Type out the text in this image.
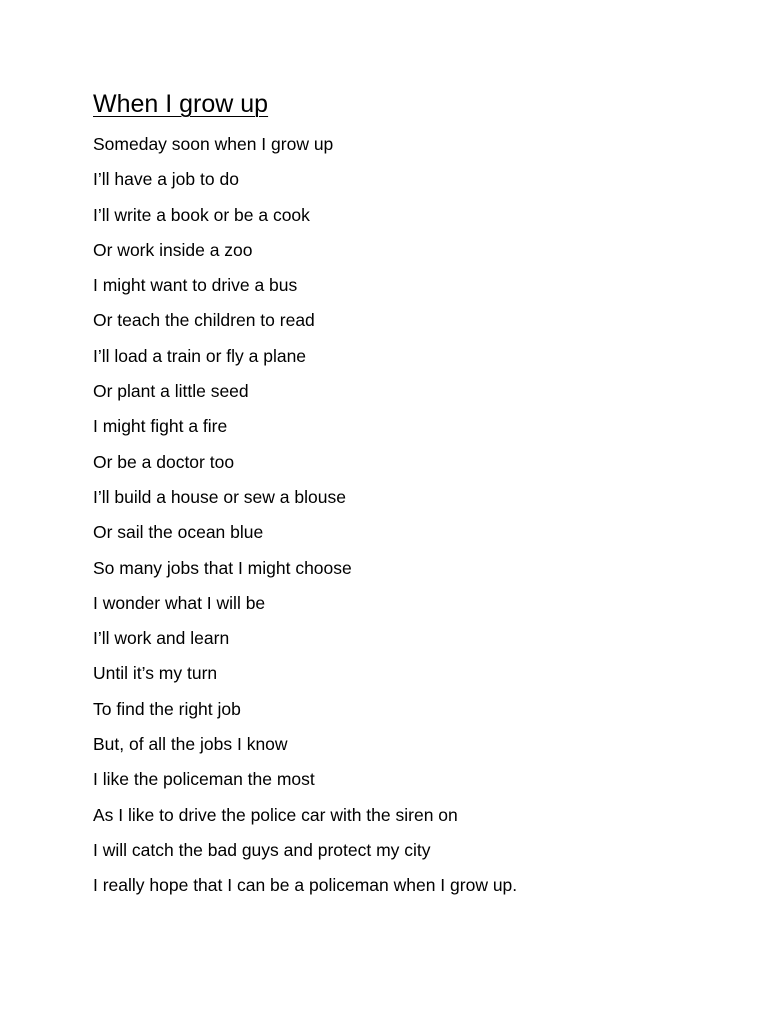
When I grow up
Someday soon when I grow up
I’ll have a job to do
I’ll write a book or be a cook
Or work inside a zoo
I might want to drive a bus
Or teach the children to read
I’ll load a train or fly a plane
Or plant a little seed
I might fight a fire
Or be a doctor too
I’ll build a house or sew a blouse
Or sail the ocean blue
So many jobs that I might choose
I wonder what I will be
I’ll work and learn
Until it’s my turn
To find the right job
But, of all the jobs I know
I like the policeman the most
As I like to drive the police car with the siren on
I will catch the bad guys and protect my city
I really hope that I can be a policeman when I grow up.
